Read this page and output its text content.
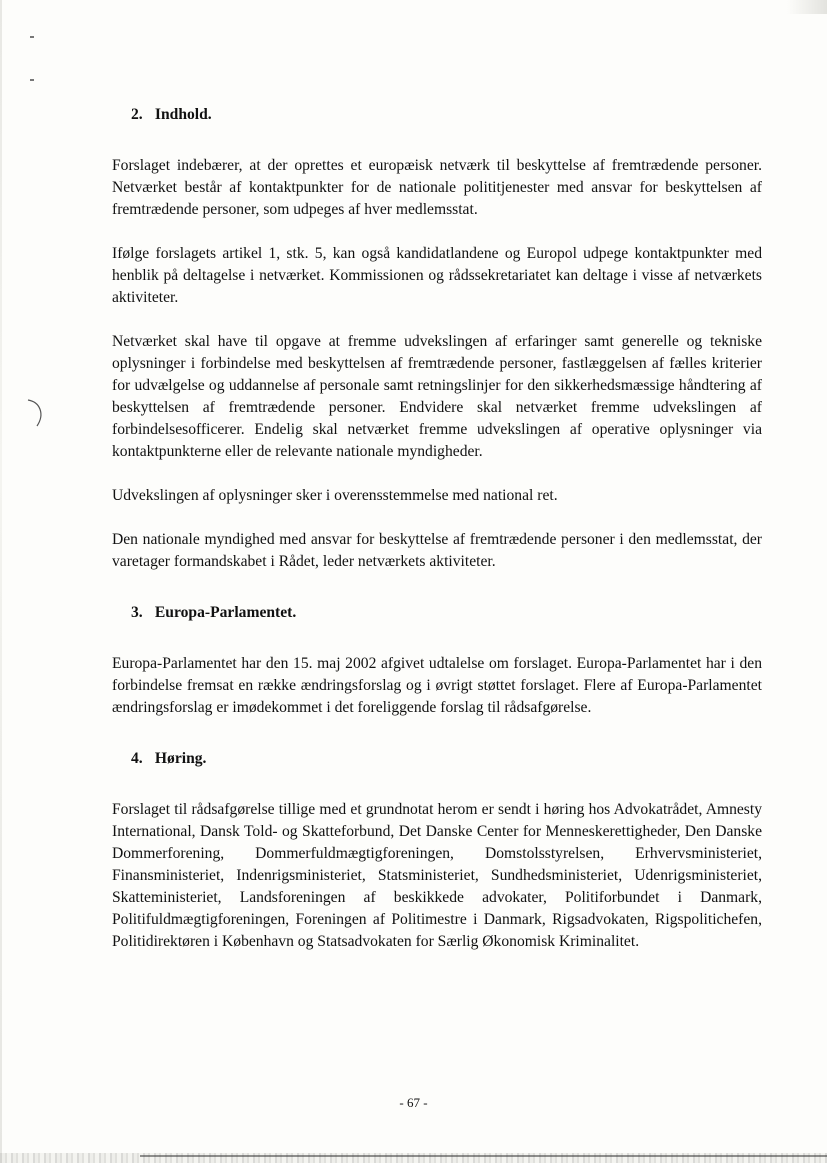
2. Indhold.

Forslaget indebærer, at der oprettes et europæisk netværk til beskyttelse af fremtrædende personer. Netværket består af kontaktpunkter for de nationale polititjenester med ansvar for beskyttelsen af fremtrædende personer, som udpeges af hver medlemsstat.

Ifølge forslagets artikel 1, stk. 5, kan også kandidatlandene og Europol udpege kontaktpunkter med henblik på deltagelse i netværket. Kommissionen og rådssekretariatet kan deltage i visse af netværkets aktiviteter.

Netværket skal have til opgave at fremme udvekslingen af erfaringer samt generelle og tekniske oplysninger i forbindelse med beskyttelsen af fremtrædende personer, fastlæggelsen af fælles kriterier for udvælgelse og uddannelse af personale samt retningslinjer for den sikkerhedsmæssige håndtering af beskyttelsen af fremtrædende personer. Endvidere skal netværket fremme udvekslingen af forbindelsesofficerer. Endelig skal netværket fremme udvekslingen af operative oplysninger via kontaktpunkterne eller de relevante nationale myndigheder.

Udvekslingen af oplysninger sker i overensstemmelse med national ret.

Den nationale myndighed med ansvar for beskyttelse af fremtrædende personer i den medlemsstat, der varetager formandskabet i Rådet, leder netværkets aktiviteter.

3. Europa-Parlamentet.

Europa-Parlamentet har den 15. maj 2002 afgivet udtalelse om forslaget. Europa-Parlamentet har i den forbindelse fremsat en række ændringsforslag og i øvrigt støttet forslaget. Flere af Europa-Parlamentet ændringsforslag er imødekommet i det foreliggende forslag til rådsafgørelse.

4. Høring.

Forslaget til rådsafgørelse tillige med et grundnotat herom er sendt i høring hos Advokatrådet, Amnesty International, Dansk Told- og Skatteforbund, Det Danske Center for Menneskerettigheder, Den Danske Dommerforening, Dommerfuldmægtigforeningen, Domstolsstyrelsen, Erhvervsministeriet, Finansministeriet, Indenrigsministeriet, Statsministeriet, Sundhedsministeriet, Udenrigsministeriet, Skatteministeriet, Landsforeningen af beskikkede advokater, Politiforbundet i Danmark, Politifuldmægtigforeningen, Foreningen af Politimestre i Danmark, Rigsadvokaten, Rigspolitichefen, Politidirektøren i København og Statsadvokaten for Særlig Økonomisk Kriminalitet.

- 67 -
